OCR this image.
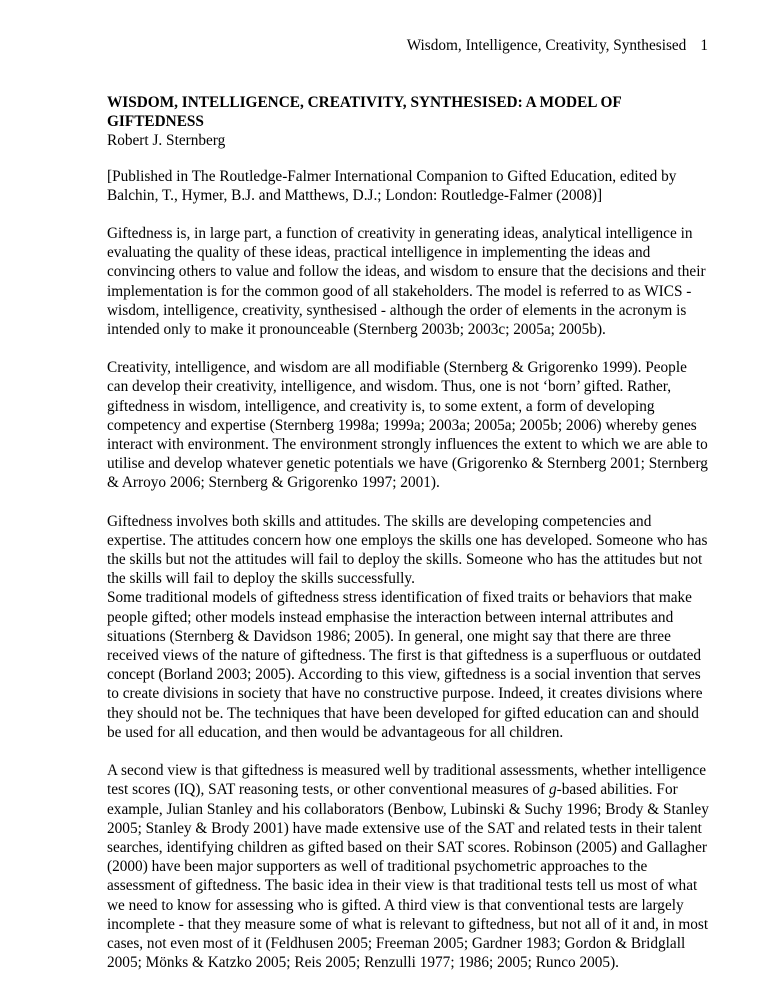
Wisdom, Intelligence, Creativity, Synthesised 1
WISDOM, INTELLIGENCE, CREATIVITY, SYNTHESISED: A MODEL OF GIFTEDNESS
Robert J. Sternberg

[Published in The Routledge-Falmer International Companion to Gifted Education, edited by Balchin, T., Hymer, B.J. and Matthews, D.J.; London: Routledge-Falmer (2008)]

Giftedness is, in large part, a function of creativity in generating ideas, analytical intelligence in evaluating the quality of these ideas, practical intelligence in implementing the ideas and convincing others to value and follow the ideas, and wisdom to ensure that the decisions and their implementation is for the common good of all stakeholders. The model is referred to as WICS - wisdom, intelligence, creativity, synthesised - although the order of elements in the acronym is intended only to make it pronounceable (Sternberg 2003b; 2003c; 2005a; 2005b).

Creativity, intelligence, and wisdom are all modifiable (Sternberg & Grigorenko 1999). People can develop their creativity, intelligence, and wisdom. Thus, one is not ‘born’ gifted. Rather, giftedness in wisdom, intelligence, and creativity is, to some extent, a form of developing competency and expertise (Sternberg 1998a; 1999a; 2003a; 2005a; 2005b; 2006) whereby genes interact with environment. The environment strongly influences the extent to which we are able to utilise and develop whatever genetic potentials we have (Grigorenko & Sternberg 2001; Sternberg & Arroyo 2006; Sternberg & Grigorenko 1997; 2001).

Giftedness involves both skills and attitudes. The skills are developing competencies and expertise. The attitudes concern how one employs the skills one has developed. Someone who has the skills but not the attitudes will fail to deploy the skills. Someone who has the attitudes but not the skills will fail to deploy the skills successfully.

Some traditional models of giftedness stress identification of fixed traits or behaviors that make people gifted; other models instead emphasise the interaction between internal attributes and situations (Sternberg & Davidson 1986; 2005). In general, one might say that there are three received views of the nature of giftedness. The first is that giftedness is a superfluous or outdated concept (Borland 2003; 2005). According to this view, giftedness is a social invention that serves to create divisions in society that have no constructive purpose. Indeed, it creates divisions where they should not be. The techniques that have been developed for gifted education can and should be used for all education, and then would be advantageous for all children.

A second view is that giftedness is measured well by traditional assessments, whether intelligence test scores (IQ), SAT reasoning tests, or other conventional measures of g-based abilities. For example, Julian Stanley and his collaborators (Benbow, Lubinski & Suchy 1996; Brody & Stanley 2005; Stanley & Brody 2001) have made extensive use of the SAT and related tests in their talent searches, identifying children as gifted based on their SAT scores. Robinson (2005) and Gallagher (2000) have been major supporters as well of traditional psychometric approaches to the assessment of giftedness. The basic idea in their view is that traditional tests tell us most of what we need to know for assessing who is gifted. A third view is that conventional tests are largely incomplete - that they measure some of what is relevant to giftedness, but not all of it and, in most cases, not even most of it (Feldhusen 2005; Freeman 2005; Gardner 1983; Gordon & Bridglall 2005; Mönks & Katzko 2005; Reis 2005; Renzulli 1977; 1986; 2005; Runco 2005).
